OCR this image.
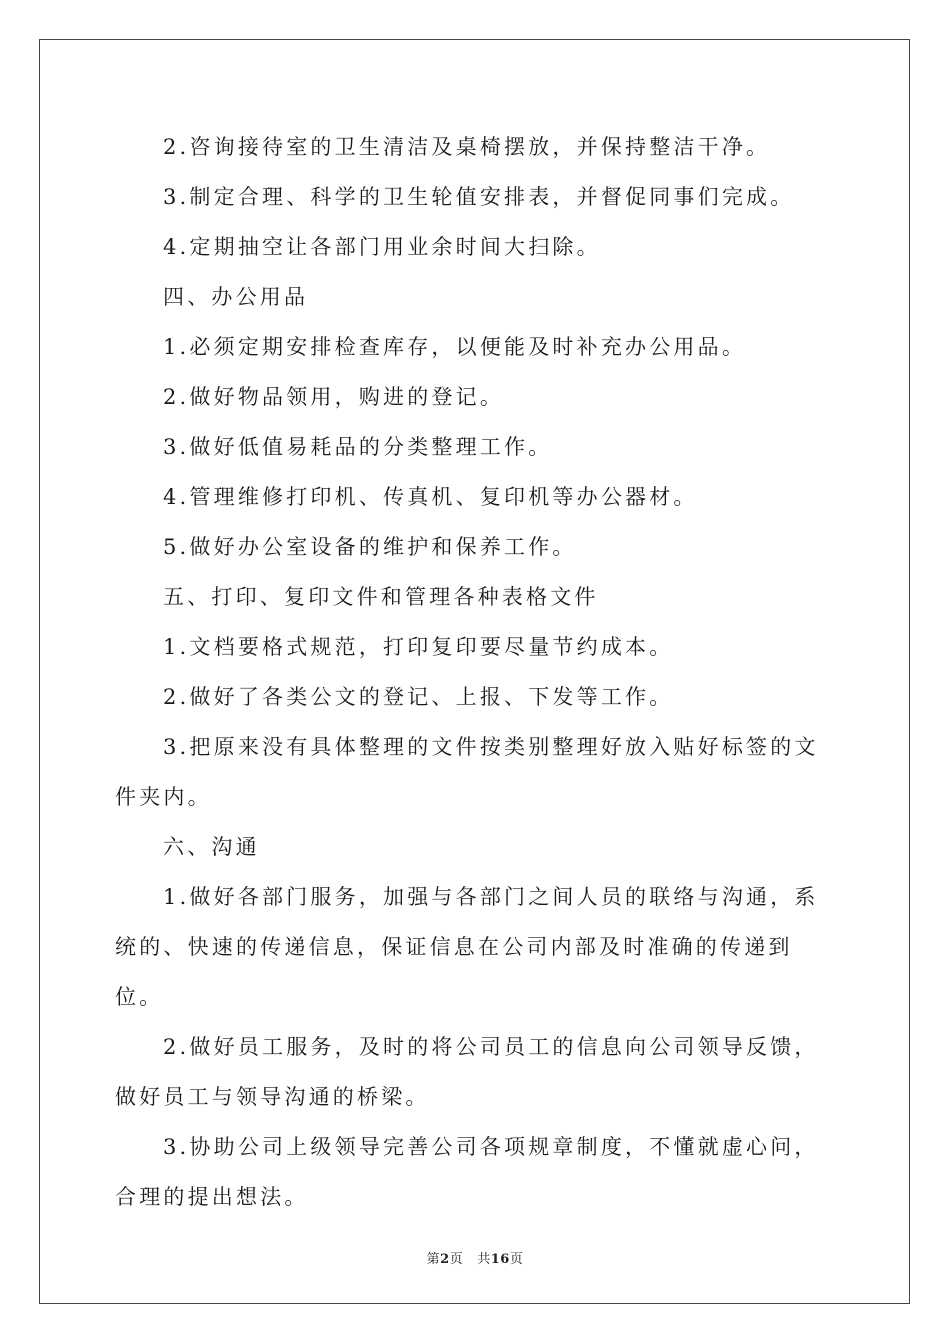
2.咨询接待室的卫生清洁及桌椅摆放，并保持整洁干净。

3.制定合理、科学的卫生轮值安排表，并督促同事们完成。

4.定期抽空让各部门用业余时间大扫除。

四、办公用品

1.必须定期安排检查库存，以便能及时补充办公用品。

2.做好物品领用，购进的登记。

3.做好低值易耗品的分类整理工作。

4.管理维修打印机、传真机、复印机等办公器材。

5.做好办公室设备的维护和保养工作。

五、打印、复印文件和管理各种表格文件

1.文档要格式规范，打印复印要尽量节约成本。

2.做好了各类公文的登记、上报、下发等工作。

3.把原来没有具体整理的文件按类别整理好放入贴好标签的文件夹内。

六、沟通

1.做好各部门服务，加强与各部门之间人员的联络与沟通，系统的、快速的传递信息，保证信息在公司内部及时准确的传递到位。

2.做好员工服务，及时的将公司员工的信息向公司领导反馈，做好员工与领导沟通的桥梁。

3.协助公司上级领导完善公司各项规章制度，不懂就虚心问，合理的提出想法。

第2页 共16页
